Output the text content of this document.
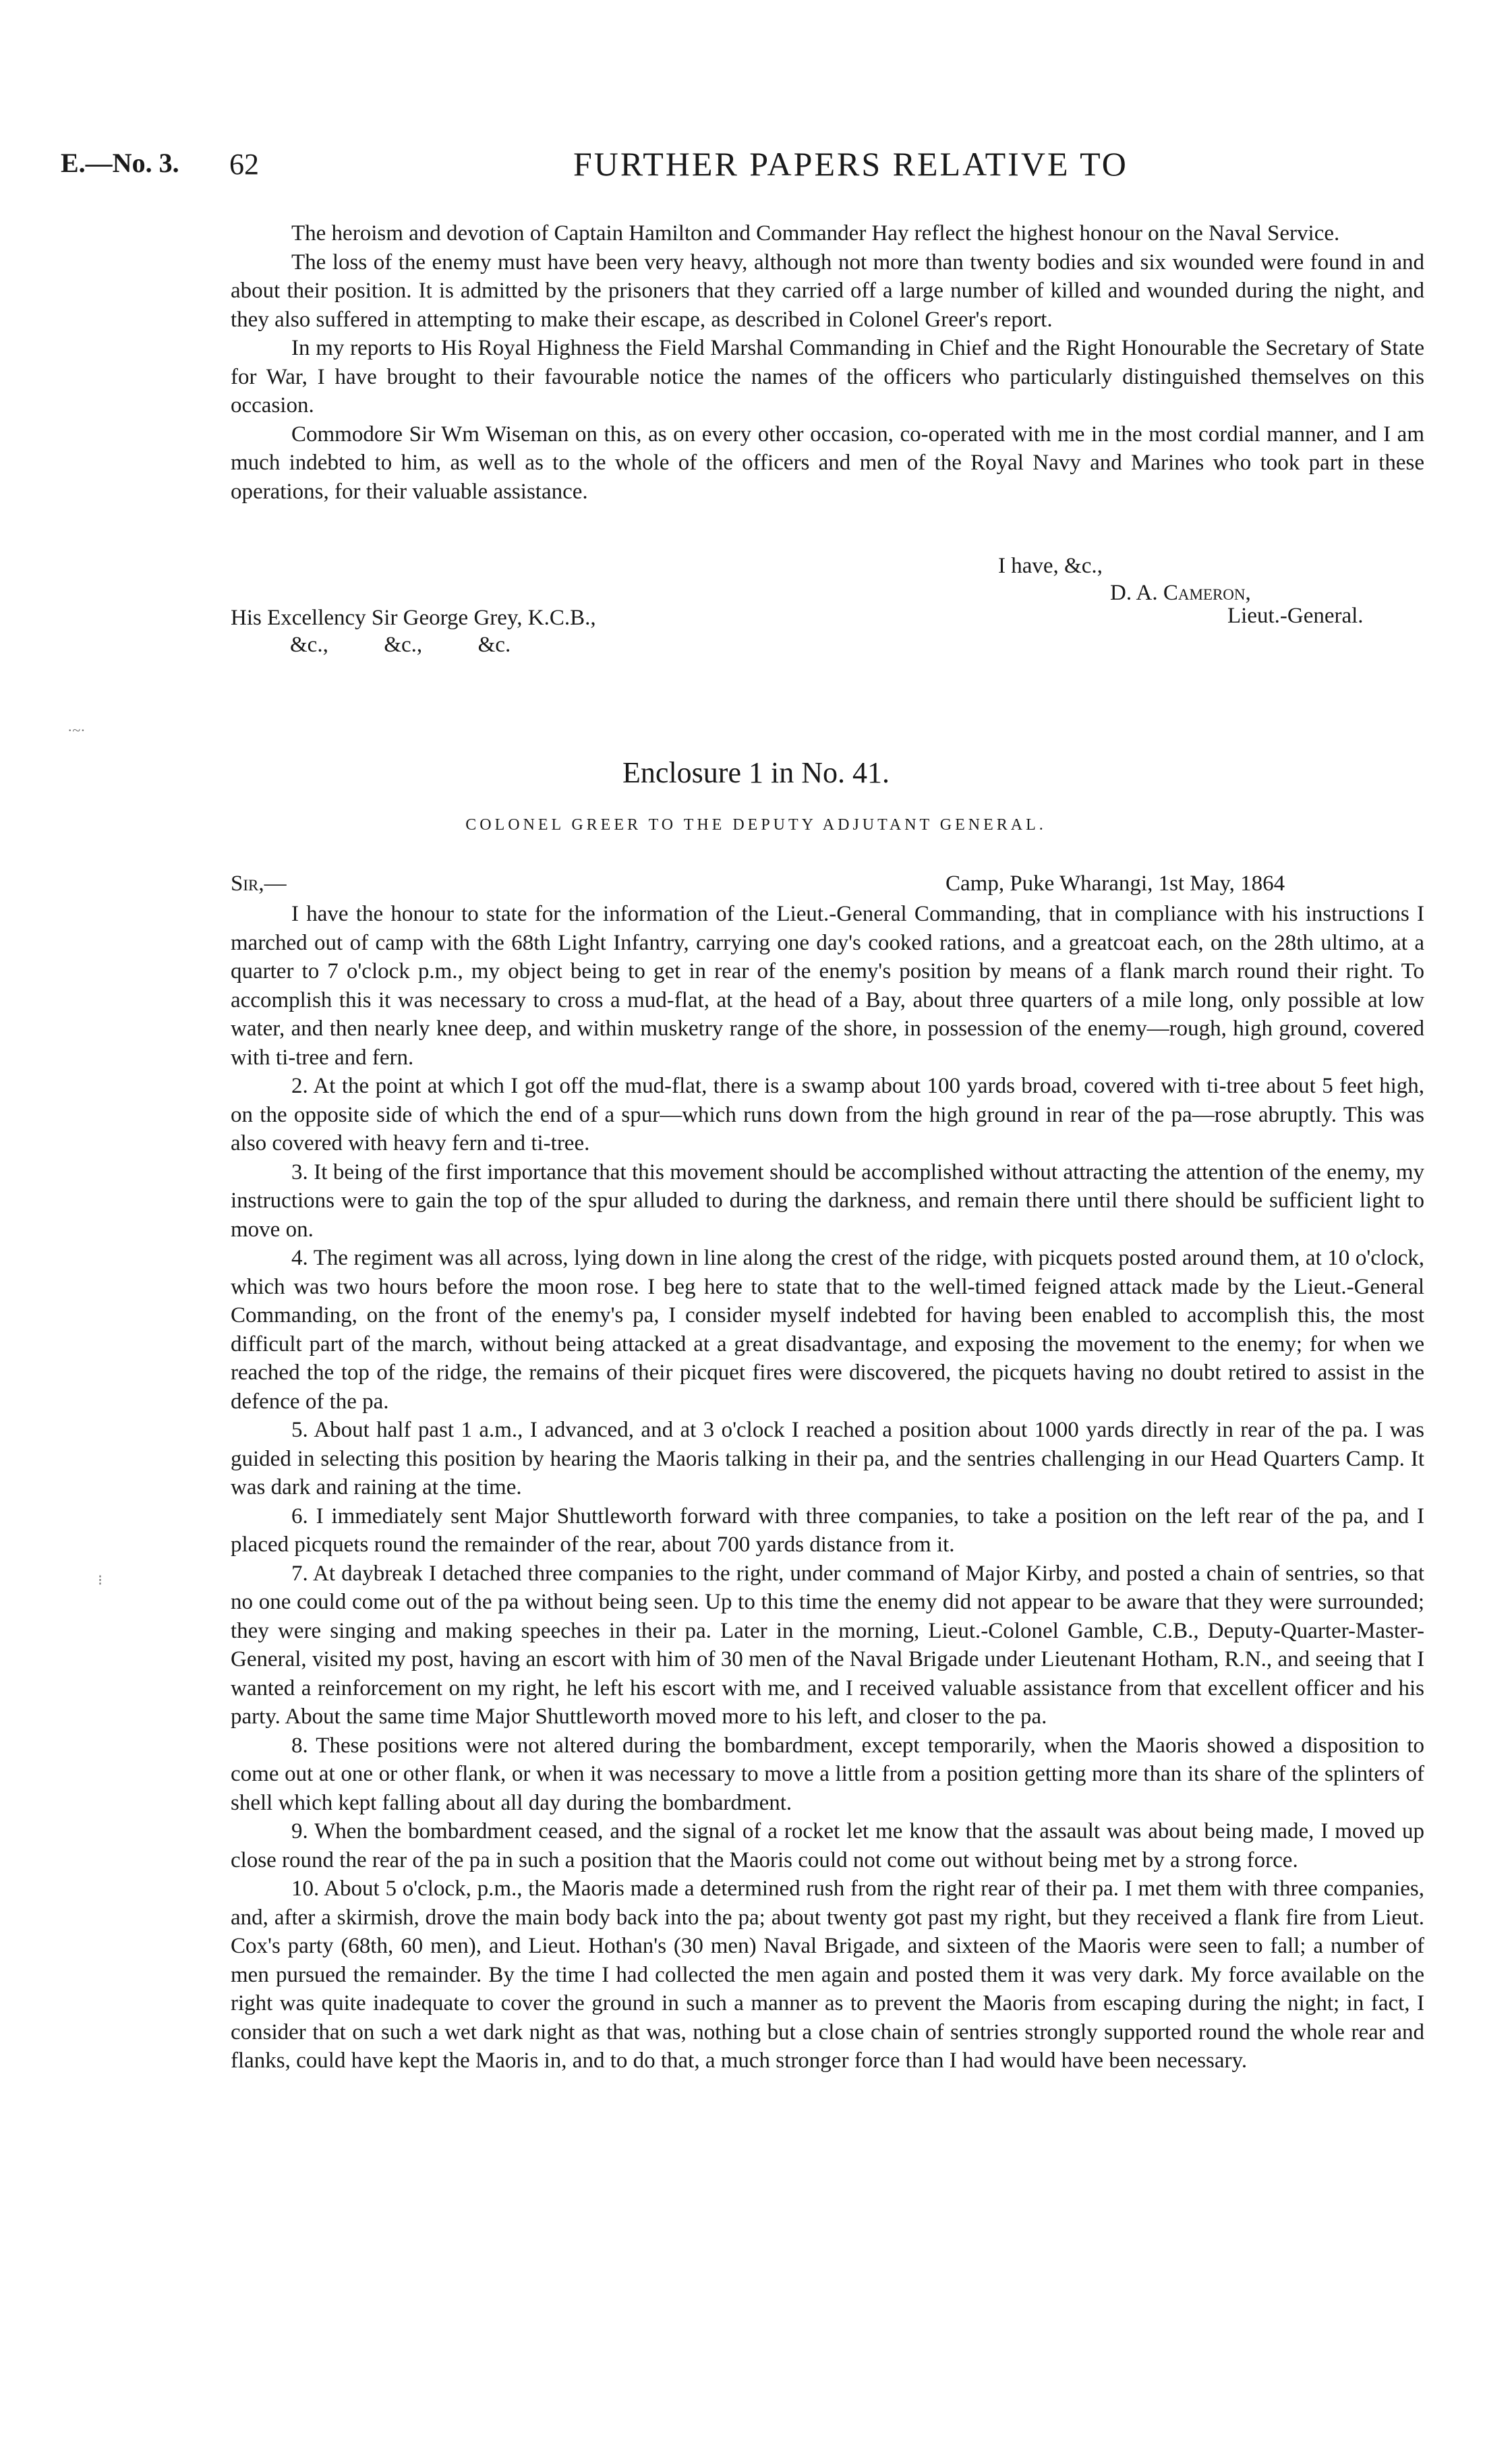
E.—No. 3. 62	FURTHER PAPERS RELATIVE TO

The heroism and devotion of Captain Hamilton and Commander Hay reflect the highest honour on the Naval Service.

The loss of the enemy must have been very heavy, although not more than twenty bodies and six wounded were found in and about their position. It is admitted by the prisoners that they carried off a large number of killed and wounded during the night, and they also suffered in attempting to make their escape, as described in Colonel Greer's report.

In my reports to His Royal Highness the Field Marshal Commanding in Chief and the Right Honourable the Secretary of State for War, I have brought to their favourable notice the names of the officers who particularly distinguished themselves on this occasion.

Commodore Sir Wm Wiseman on this, as on every other occasion, co-operated with me in the most cordial manner, and I am much indebted to him, as well as to the whole of the officers and men of the Royal Navy and Marines who took part in these operations, for their valuable assistance.

I have, &c.,
D. A. Cameron,
His Excellency Sir George Grey, K.C.B.,	Lieut.-General.
&c.,          &c.,          &c.
·~·
Enclosure 1 in No. 41.
COLONEL GREER TO THE DEPUTY ADJUTANT GENERAL.
Sir,—	Camp, Puke Wharangi, 1st May, 1864

I have the honour to state for the information of the Lieut.-General Commanding, that in compliance with his instructions I marched out of camp with the 68th Light Infantry, carrying one day's cooked rations, and a greatcoat each, on the 28th ultimo, at a quarter to 7 o'clock p.m., my object being to get in rear of the enemy's position by means of a flank march round their right. To accomplish this it was necessary to cross a mud-flat, at the head of a Bay, about three quarters of a mile long, only possible at low water, and then nearly knee deep, and within musketry range of the shore, in possession of the enemy—rough, high ground, covered with ti-tree and fern.

2. At the point at which I got off the mud-flat, there is a swamp about 100 yards broad, covered with ti-tree about 5 feet high, on the opposite side of which the end of a spur—which runs down from the high ground in rear of the pa—rose abruptly. This was also covered with heavy fern and ti-tree.

3. It being of the first importance that this movement should be accomplished without attracting the attention of the enemy, my instructions were to gain the top of the spur alluded to during the darkness, and remain there until there should be sufficient light to move on.

4. The regiment was all across, lying down in line along the crest of the ridge, with picquets posted around them, at 10 o'clock, which was two hours before the moon rose. I beg here to state that to the well-timed feigned attack made by the Lieut.-General Commanding, on the front of the enemy's pa, I consider myself indebted for having been enabled to accomplish this, the most difficult part of the march, without being attacked at a great disadvantage, and exposing the movement to the enemy; for when we reached the top of the ridge, the remains of their picquet fires were discovered, the picquets having no doubt retired to assist in the defence of the pa.

5. About half past 1 a.m., I advanced, and at 3 o'clock I reached a position about 1000 yards directly in rear of the pa. I was guided in selecting this position by hearing the Maoris talking in their pa, and the sentries challenging in our Head Quarters Camp. It was dark and raining at the time.

6. I immediately sent Major Shuttleworth forward with three companies, to take a position on the left rear of the pa, and I placed picquets round the remainder of the rear, about 700 yards distance from it.

7. At daybreak I detached three companies to the right, under command of Major Kirby, and posted a chain of sentries, so that no one could come out of the pa without being seen. Up to this time the enemy did not appear to be aware that they were surrounded; they were singing and making speeches in their pa. Later in the morning, Lieut.-Colonel Gamble, C.B., Deputy-Quarter-Master-General, visited my post, having an escort with him of 30 men of the Naval Brigade under Lieutenant Hotham, R.N., and seeing that I wanted a reinforcement on my right, he left his escort with me, and I received valuable assistance from that excellent officer and his party. About the same time Major Shuttleworth moved more to his left, and closer to the pa.

8. These positions were not altered during the bombardment, except temporarily, when the Maoris showed a disposition to come out at one or other flank, or when it was necessary to move a little from a position getting more than its share of the splinters of shell which kept falling about all day during the bombardment.

9. When the bombardment ceased, and the signal of a rocket let me know that the assault was about being made, I moved up close round the rear of the pa in such a position that the Maoris could not come out without being met by a strong force.

10. About 5 o'clock, p.m., the Maoris made a determined rush from the right rear of their pa. I met them with three companies, and, after a skirmish, drove the main body back into the pa; about twenty got past my right, but they received a flank fire from Lieut. Cox's party (68th, 60 men), and Lieut. Hothan's (30 men) Naval Brigade, and sixteen of the Maoris were seen to fall; a number of men pursued the remainder. By the time I had collected the men again and posted them it was very dark. My force available on the right was quite inadequate to cover the ground in such a manner as to prevent the Maoris from escaping during the night; in fact, I consider that on such a wet dark night as that was, nothing but a close chain of sentries strongly supported round the whole rear and flanks, could have kept the Maoris in, and to do that, a much stronger force than I had would have been necessary.

⁝
